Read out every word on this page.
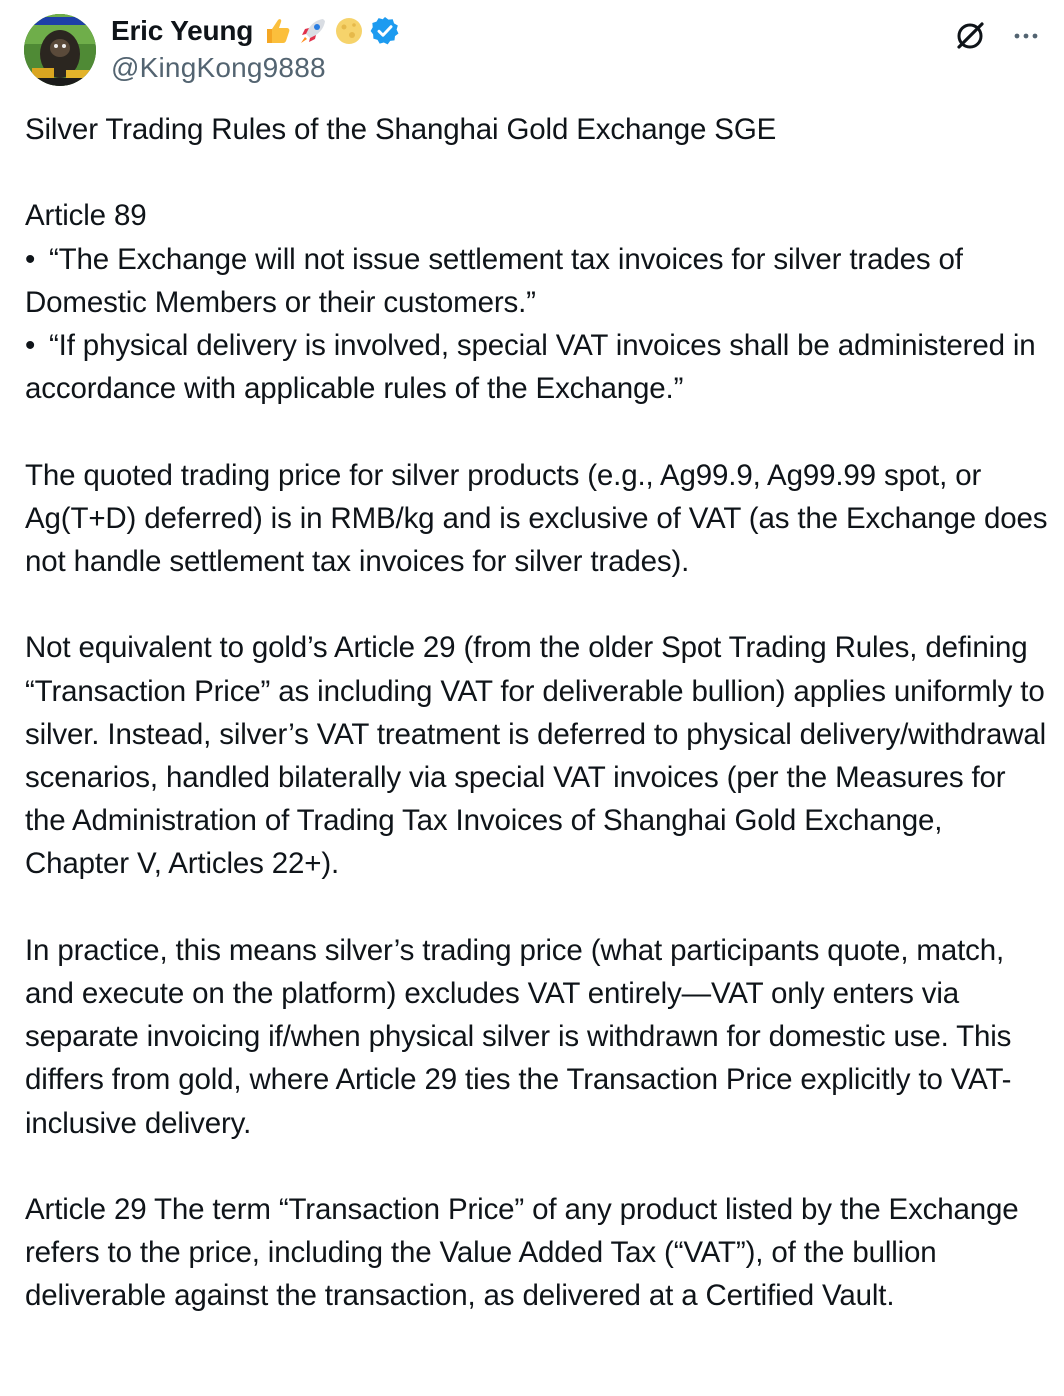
Eric Yeung
@KingKong9888

Silver Trading Rules of the Shanghai Gold Exchange SGE

Article 89

• “The Exchange will not issue settlement tax invoices for silver trades of Domestic Members or their customers.”

• “If physical delivery is involved, special VAT invoices shall be administered in accordance with applicable rules of the Exchange.”

The quoted trading price for silver products (e.g., Ag99.9, Ag99.99 spot, or Ag(T+D) deferred) is in RMB/kg and is exclusive of VAT (as the Exchange does not handle settlement tax invoices for silver trades).

Not equivalent to gold’s Article 29 (from the older Spot Trading Rules, defining “Transaction Price” as including VAT for deliverable bullion) applies uniformly to silver. Instead, silver’s VAT treatment is deferred to physical delivery/withdrawal scenarios, handled bilaterally via special VAT invoices (per the Measures for the Administration of Trading Tax Invoices of Shanghai Gold Exchange, Chapter V, Articles 22+).

In practice, this means silver’s trading price (what participants quote, match, and execute on the platform) excludes VAT entirely—VAT only enters via separate invoicing if/when physical silver is withdrawn for domestic use. This differs from gold, where Article 29 ties the Transaction Price explicitly to VAT-inclusive delivery.

Article 29 The term “Transaction Price” of any product listed by the Exchange refers to the price, including the Value Added Tax (“VAT”), of the bullion deliverable against the transaction, as delivered at a Certified Vault.
